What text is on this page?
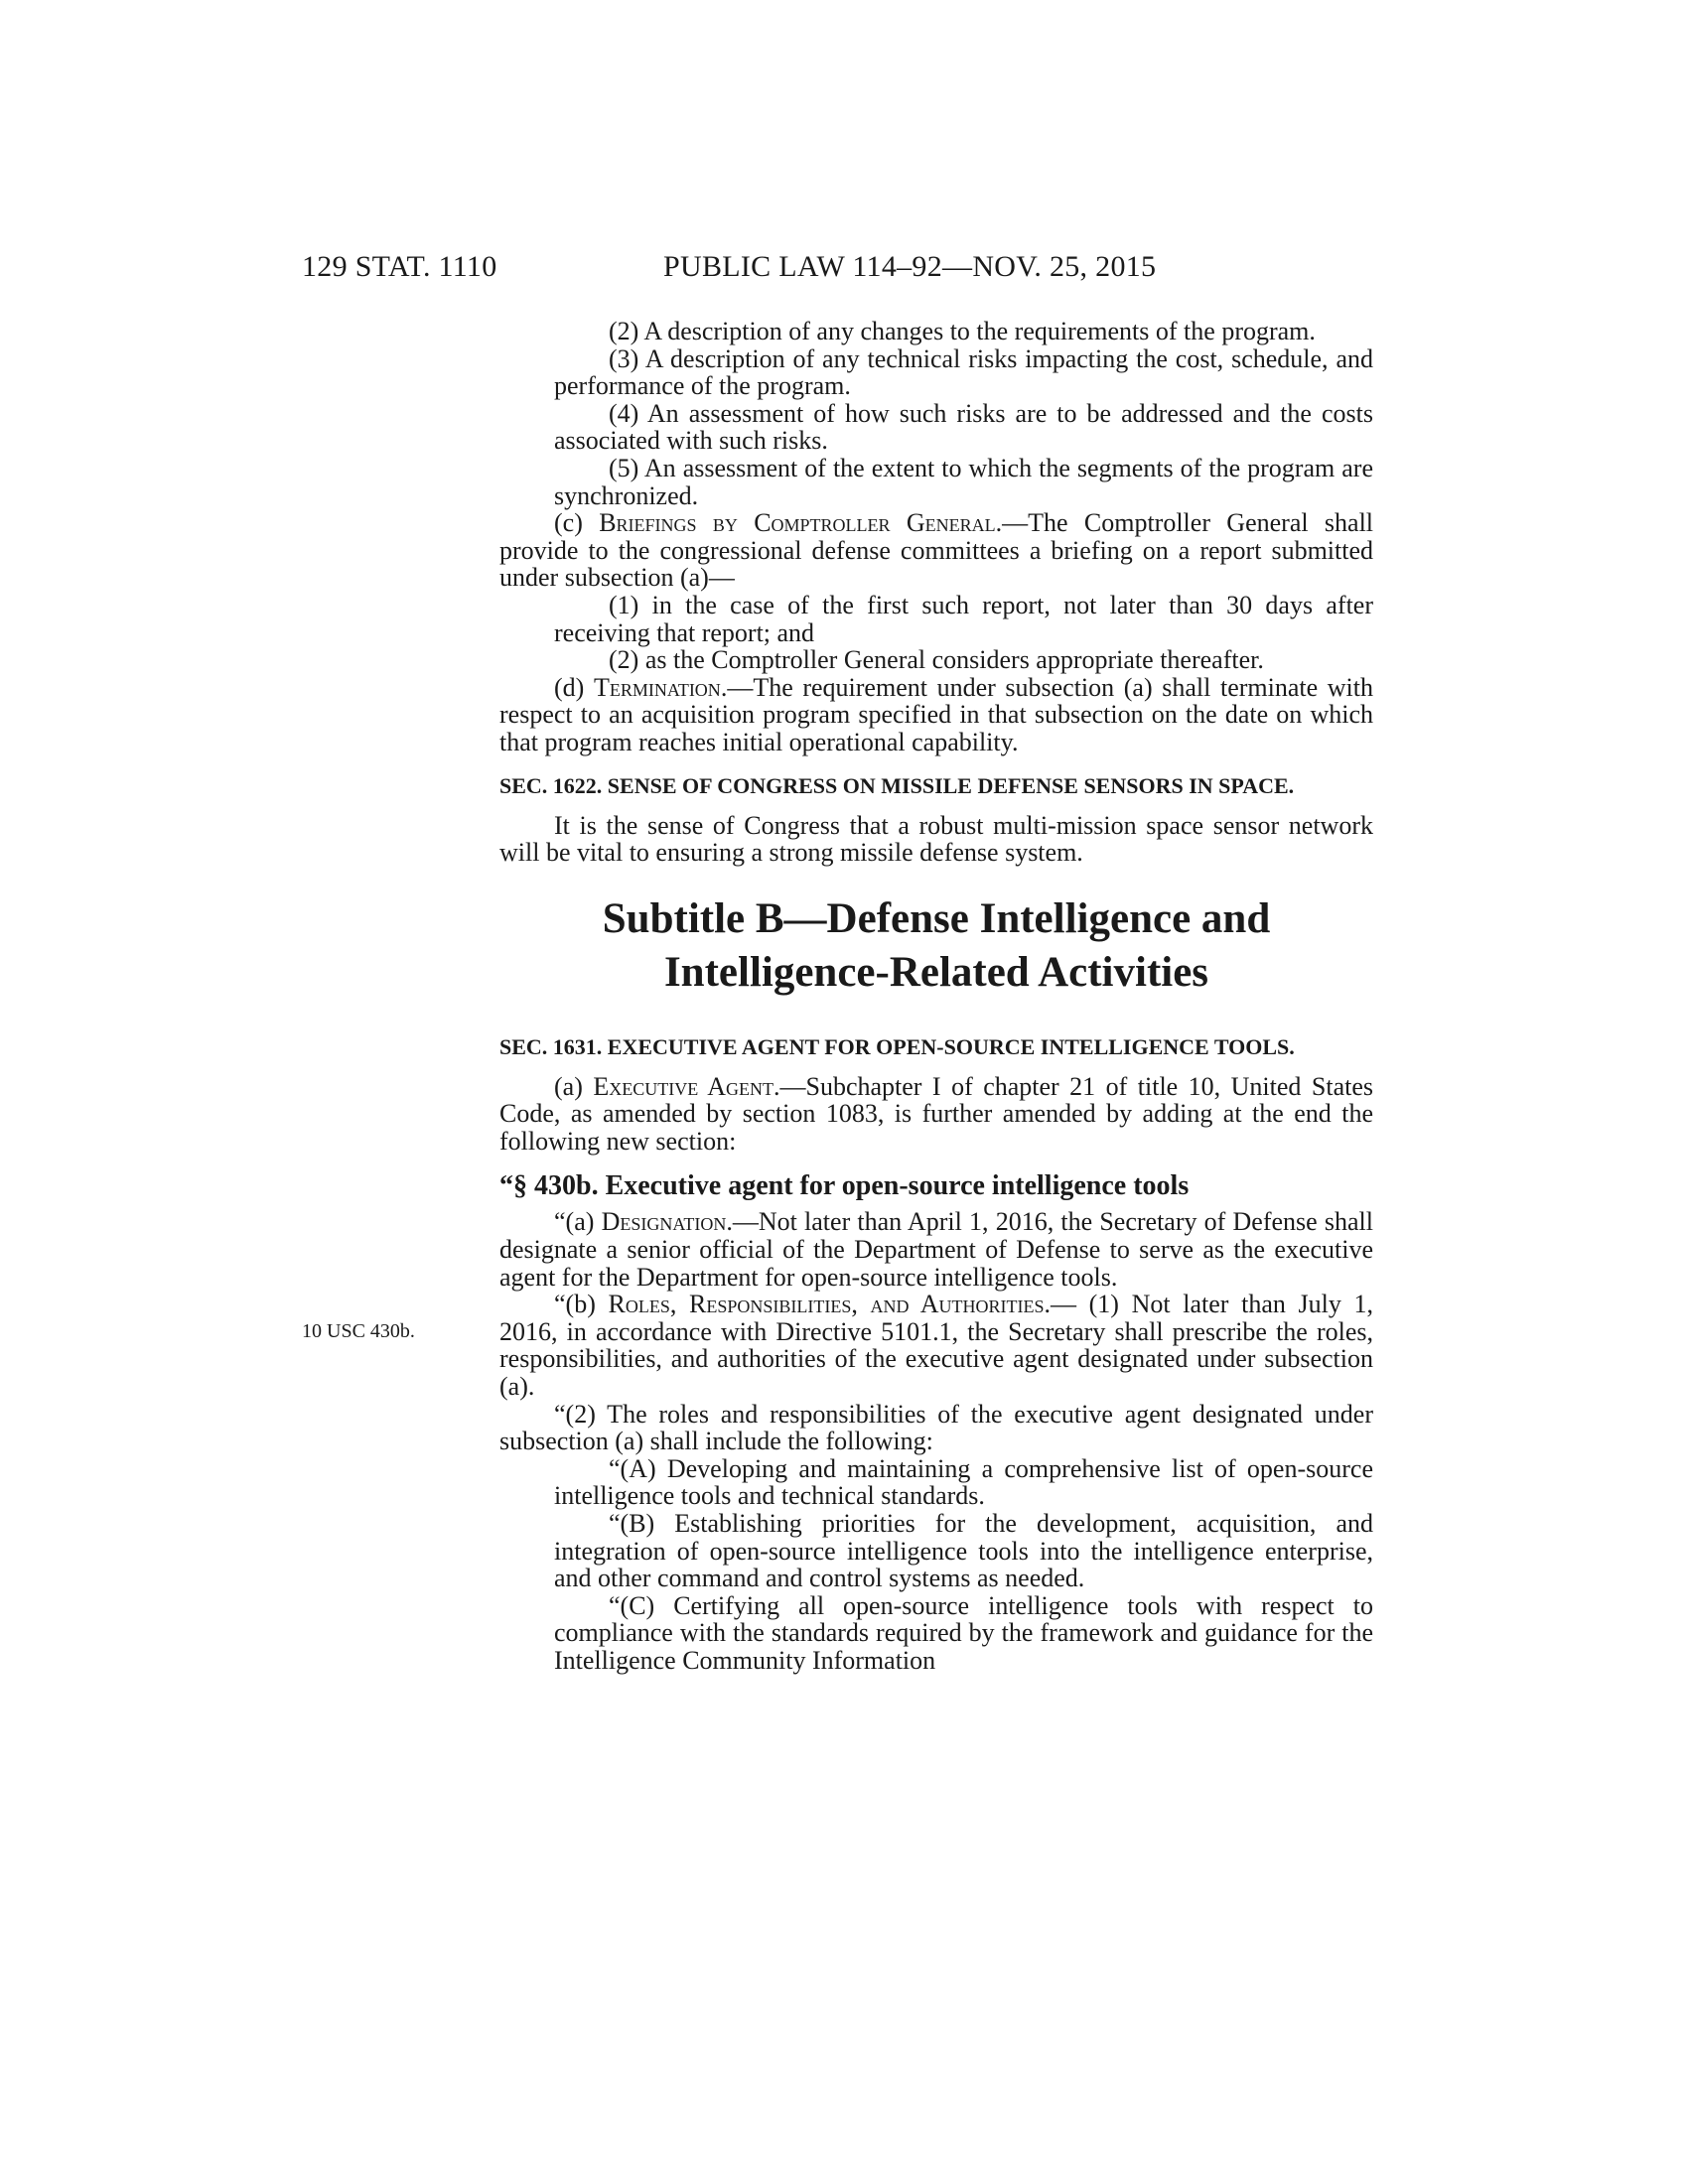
129 STAT. 1110	PUBLIC LAW 114–92—NOV. 25, 2015
10 USC 430b.

(2) A description of any changes to the requirements of the program.

(3) A description of any technical risks impacting the cost, schedule, and performance of the program.

(4) An assessment of how such risks are to be addressed and the costs associated with such risks.

(5) An assessment of the extent to which the segments of the program are synchronized.

(c) Briefings by Comptroller General.—The Comptroller General shall provide to the congressional defense committees a briefing on a report submitted under subsection (a)—

(1) in the case of the first such report, not later than 30 days after receiving that report; and

(2) as the Comptroller General considers appropriate thereafter.

(d) Termination.—The requirement under subsection (a) shall terminate with respect to an acquisition program specified in that subsection on the date on which that program reaches initial operational capability.

SEC. 1622. SENSE OF CONGRESS ON MISSILE DEFENSE SENSORS IN SPACE.

It is the sense of Congress that a robust multi-mission space sensor network will be vital to ensuring a strong missile defense system.

Subtitle B—Defense Intelligence and
Intelligence-Related Activities

SEC. 1631. EXECUTIVE AGENT FOR OPEN-SOURCE INTELLIGENCE TOOLS.

(a) Executive Agent.—Subchapter I of chapter 21 of title 10, United States Code, as amended by section 1083, is further amended by adding at the end the following new section:

“§ 430b. Executive agent for open-source intelligence tools

“(a) Designation.—Not later than April 1, 2016, the Secretary of Defense shall designate a senior official of the Department of Defense to serve as the executive agent for the Department for open-source intelligence tools.

“(b) Roles, Responsibilities, and Authorities.— (1) Not later than July 1, 2016, in accordance with Directive 5101.1, the Secretary shall prescribe the roles, responsibilities, and authorities of the executive agent designated under subsection (a).

“(2) The roles and responsibilities of the executive agent designated under subsection (a) shall include the following:

“(A) Developing and maintaining a comprehensive list of open-source intelligence tools and technical standards.

“(B) Establishing priorities for the development, acquisition, and integration of open-source intelligence tools into the intelligence enterprise, and other command and control systems as needed.

“(C) Certifying all open-source intelligence tools with respect to compliance with the standards required by the framework and guidance for the Intelligence Community Information
